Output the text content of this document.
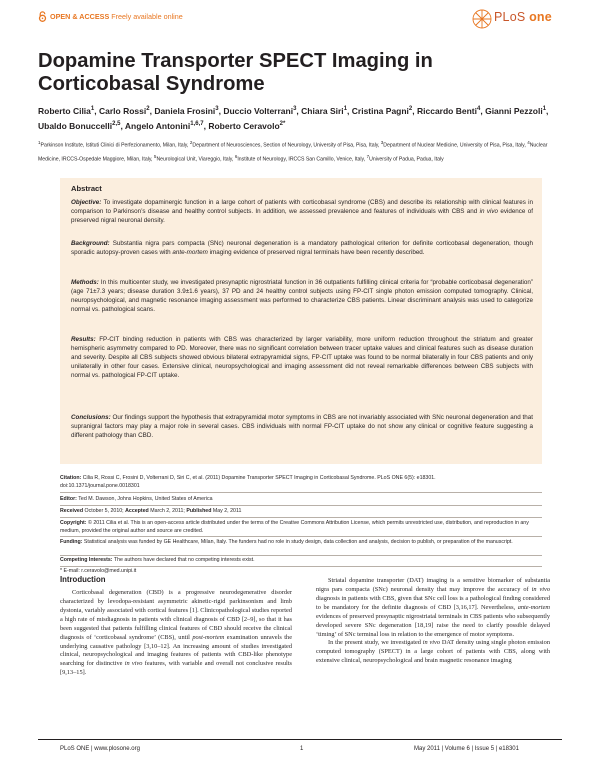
OPEN & ACCESS Freely available online	PLoS one
Dopamine Transporter SPECT Imaging in Corticobasal Syndrome
Roberto Cilia$^1$, Carlo Rossi$^2$, Daniela Frosini$^3$, Duccio Volterrani$^3$, Chiara Siri$^1$, Cristina Pagni$^2$, Riccardo Benti$^4$, Gianni Pezzoli$^1$, Ubaldo Bonuccelli$^{2,5}$, Angelo Antonini$^{1,6,7}$, Roberto Ceravolo$^{2*}$
$^1$Parkinson Institute, Istituti Clinici di Perfezionamento, Milan, Italy, $^2$Department of Neurosciences, Section of Neurology, University of Pisa, Pisa, Italy, $^3$Department of Nuclear Medicine, University of Pisa, Pisa, Italy, $^4$Nuclear Medicine, IRCCS-Ospedale Maggiore, Milan, Italy, $^5$Neurological Unit, Viareggio, Italy, $^6$Institute of Neurology, IRCCS San Camillo, Venice, Italy, $^7$University of Padua, Padua, Italy
Abstract
Objective: To investigate dopaminergic function in a large cohort of patients with corticobasal syndrome (CBS) and describe its relationship with clinical features in comparison to Parkinson’s disease and healthy control subjects. In addition, we assessed prevalence and features of individuals with CBS and in vivo evidence of preserved nigral neuronal density.
Background: Substantia nigra pars compacta (SNc) neuronal degeneration is a mandatory pathological criterion for definite corticobasal degeneration, though sporadic autopsy-proven cases with ante-mortem imaging evidence of preserved nigral terminals have been recently described.
Methods: In this multicenter study, we investigated presynaptic nigrostriatal function in 36 outpatients fulfilling clinical criteria for “probable corticobasal degeneration” (age 71±7.3 years; disease duration 3.9±1.6 years), 37 PD and 24 healthy control subjects using FP-CIT single photon emission computed tomography. Clinical, neuropsychological, and magnetic resonance imaging assessment was performed to characterize CBS patients. Linear discriminant analysis was used to categorize normal vs. pathological scans.
Results: FP-CIT binding reduction in patients with CBS was characterized by larger variability, more uniform reduction throughout the striatum and greater hemispheric asymmetry compared to PD. Moreover, there was no significant correlation between tracer uptake values and clinical features such as disease duration and severity. Despite all CBS subjects showed obvious bilateral extrapyramidal signs, FP-CIT uptake was found to be normal bilaterally in four CBS patients and only unilaterally in other four cases. Extensive clinical, neuropsychological and imaging assessment did not reveal remarkable differences between CBS subjects with normal vs. pathological FP-CIT uptake.
Conclusions: Our findings support the hypothesis that extrapyramidal motor symptoms in CBS are not invariably associated with SNc neuronal degeneration and that supranigral factors may play a major role in several cases. CBS individuals with normal FP-CIT uptake do not show any clinical or cognitive feature suggesting a different pathology than CBD.
Citation: Cilia R, Rossi C, Frosini D, Volterrani D, Siri C, et al. (2011) Dopamine Transporter SPECT Imaging in Corticobasal Syndrome. PLoS ONE 6(5): e18301.
doi:10.1371/journal.pone.0018301
Editor: Ted M. Dawson, Johns Hopkins, United States of America
Received October 5, 2010; Accepted March 2, 2011; Published May 2, 2011
Copyright: © 2011 Cilia et al. This is an open-access article distributed under the terms of the Creative Commons Attribution License, which permits unrestricted use, distribution, and reproduction in any medium, provided the original author and source are credited.
Funding: Statistical analysis was funded by GE Healthcare, Milan, Italy. The funders had no role in study design, data collection and analysis, decision to publish, or preparation of the manuscript.
Competing Interests: The authors have declared that no competing interests exist.
* E-mail: r.ceravolo@med.unipi.it
Introduction

Corticobasal degeneration (CBD) is a progressive neurodegenerative disorder characterized by levodopa-resistant asymmetric akinetic-rigid parkinsonism and limb dystonia, variably associated with cortical features [1]. Clinicopathological studies reported a high rate of misdiagnosis in patients with clinical diagnosis of CBD [2–9], so that it has been suggested that patients fulfilling clinical features of CBD should receive the clinical diagnosis of ‘corticobasal syndrome’ (CBS), until post-mortem examination unravels the underlying causative pathology [3,10–12]. An increasing amount of studies investigated clinical, neuropsychological and imaging features of patients with CBD-like phenotype searching for distinctive in vivo features, with variable and overall not conclusive results [9,13–15].

Striatal dopamine transporter (DAT) imaging is a sensitive biomarker of substantia nigra pars compacta (SNc) neuronal density that may improve the accuracy of in vivo diagnosis in patients with CBS, given that SNc cell loss is a pathological finding considered to be mandatory for the definite diagnosis of CBD [3,16,17]. Nevertheless, ante-mortem evidences of preserved presynaptic nigrostriatal terminals in CBS patients who subsequently developed severe SNc degeneration [18,19] raise the need to clarify possible delayed ‘timing’ of SNc terminal loss in relation to the emergence of motor symptoms.

In the present study, we investigated in vivo DAT density using single photon emission computed tomography (SPECT) in a large cohort of patients with CBS, along with extensive clinical, neuropsychological and brain magnetic resonance imaging

PLoS ONE | www.plosone.org	1	May 2011 | Volume 6 | Issue 5 | e18301
